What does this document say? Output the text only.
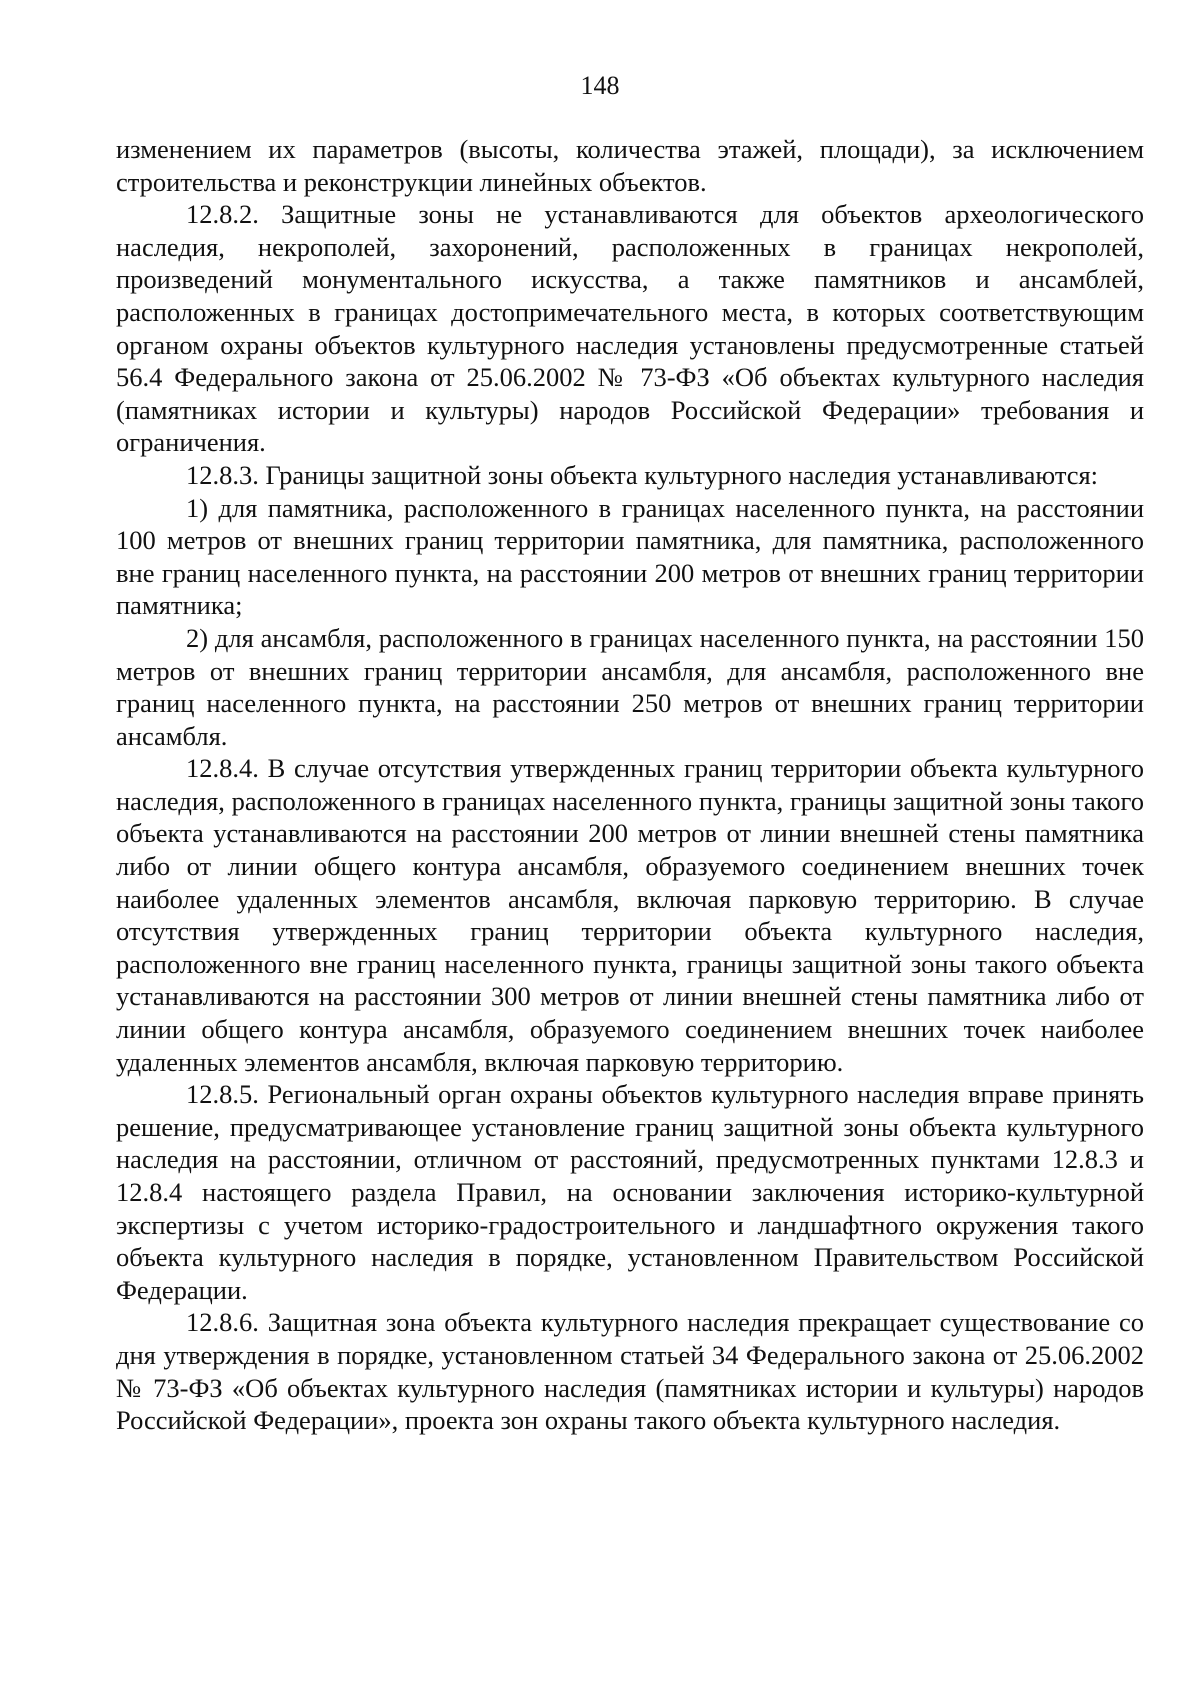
148

изменением их параметров (высоты, количества этажей, площади), за исключением строительства и реконструкции линейных объектов.

12.8.2. Защитные зоны не устанавливаются для объектов археологического наследия, некрополей, захоронений, расположенных в границах некрополей, произведений монументального искусства, а также памятников и ансамблей, расположенных в границах достопримечательного места, в которых соответствующим органом охраны объектов культурного наследия установлены предусмотренные статьей 56.4 Федерального закона от 25.06.2002 № 73-ФЗ «Об объектах культурного наследия (памятниках истории и культуры) народов Российской Федерации» требования и ограничения.

12.8.3. Границы защитной зоны объекта культурного наследия устанавливаются:

1) для памятника, расположенного в границах населенного пункта, на расстоянии 100 метров от внешних границ территории памятника, для памятника, расположенного вне границ населенного пункта, на расстоянии 200 метров от внешних границ территории памятника;

2) для ансамбля, расположенного в границах населенного пункта, на расстоянии 150 метров от внешних границ территории ансамбля, для ансамбля, расположенного вне границ населенного пункта, на расстоянии 250 метров от внешних границ территории ансамбля.

12.8.4. В случае отсутствия утвержденных границ территории объекта культурного наследия, расположенного в границах населенного пункта, границы защитной зоны такого объекта устанавливаются на расстоянии 200 метров от линии внешней стены памятника либо от линии общего контура ансамбля, образуемого соединением внешних точек наиболее удаленных элементов ансамбля, включая парковую территорию. В случае отсутствия утвержденных границ территории объекта культурного наследия, расположенного вне границ населенного пункта, границы защитной зоны такого объекта устанавливаются на расстоянии 300 метров от линии внешней стены памятника либо от линии общего контура ансамбля, образуемого соединением внешних точек наиболее удаленных элементов ансамбля, включая парковую территорию.

12.8.5. Региональный орган охраны объектов культурного наследия вправе принять решение, предусматривающее установление границ защитной зоны объекта культурного наследия на расстоянии, отличном от расстояний, предусмотренных пунктами 12.8.3 и 12.8.4 настоящего раздела Правил, на основании заключения историко-культурной экспертизы с учетом историко-градостроительного и ландшафтного окружения такого объекта культурного наследия в порядке, установленном Правительством Российской Федерации.

12.8.6. Защитная зона объекта культурного наследия прекращает существование со дня утверждения в порядке, установленном статьей 34 Федерального закона от 25.06.2002 № 73-ФЗ «Об объектах культурного наследия (памятниках истории и культуры) народов Российской Федерации», проекта зон охраны такого объекта культурного наследия.
